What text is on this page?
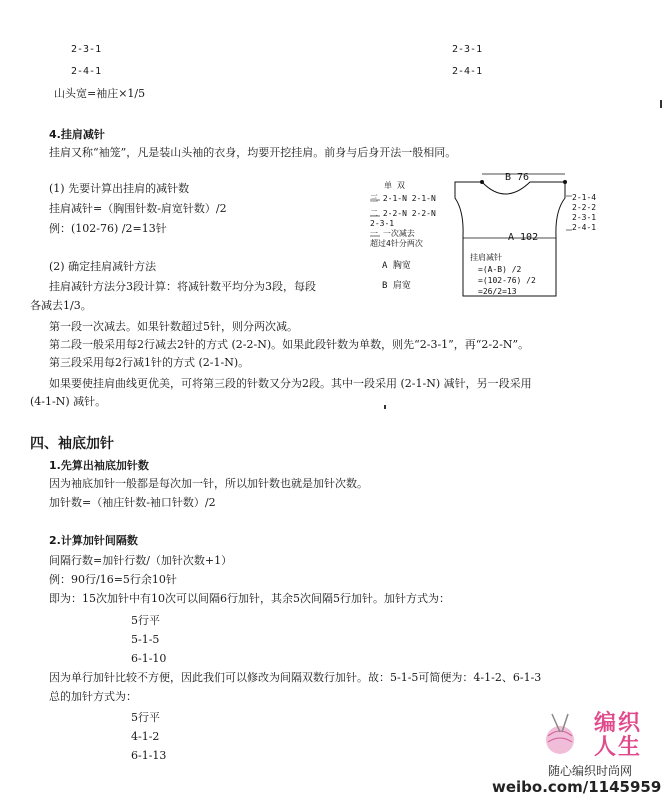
2-3-1
2-4-1
山头宽=袖庄×1/5
2-3-1
2-4-1
4.挂肩减针
挂肩又称“袖笼”，凡是装山头袖的衣身，均要开挖挂肩。前身与后身开法一般相同。
(1) 先要计算出挂肩的减针数
挂肩减针=（胸围针数-肩宽针数）/2
例：(102-76) /2=13针
(2) 确定挂肩减针方法
挂肩减针方法分3段计算：将减针数平均分为3段，每段
各减去1/3。
第一段一次减去。如果针数超过5针，则分两次减。
第二段一般采用每2行减去2针的方式 (2-2-N)。如果此段针数为单数，则先“2-3-1”，再“2-2-N”。
第三段采用每2行减1针的方式 (2-1-N)。
如果要使挂肩曲线更优美，可将第三段的针数又分为2段。其中一段采用 (2-1-N) 减针，另一段采用
(4-1-N) 减针。
B 76
单 双
三 2-1-N 2-1-N
二 2-2-N 2-2-N
2-3-1
一 一次减去
超过4针分两次
2-1-4
2-2-2
2-3-1
2-4-1
A 102
A 胸宽
B 肩宽
挂肩减针
=(A-B) /2
=(102-76) /2
=26/2=13
四、袖底加针
1.先算出袖底加针数
因为袖底加针一般都是每次加一针，所以加针数也就是加针次数。
加针数=（袖庄针数-袖口针数）/2
2.计算加针间隔数
间隔行数=加针行数/（加针次数+1）
例：90行/16=5行余10针
即为：15次加针中有10次可以间隔6行加针，其余5次间隔5行加针。加针方式为：
5行平
5-1-5
6-1-10
因为单行加针比较不方便，因此我们可以修改为间隔双数行加针。故：5-1-5可简便为：4-1-2、6-1-3
总的加针方式为：
5行平
4-1-2
6-1-13
编织人生
随心编织时尚网
weibo.com/1145959
